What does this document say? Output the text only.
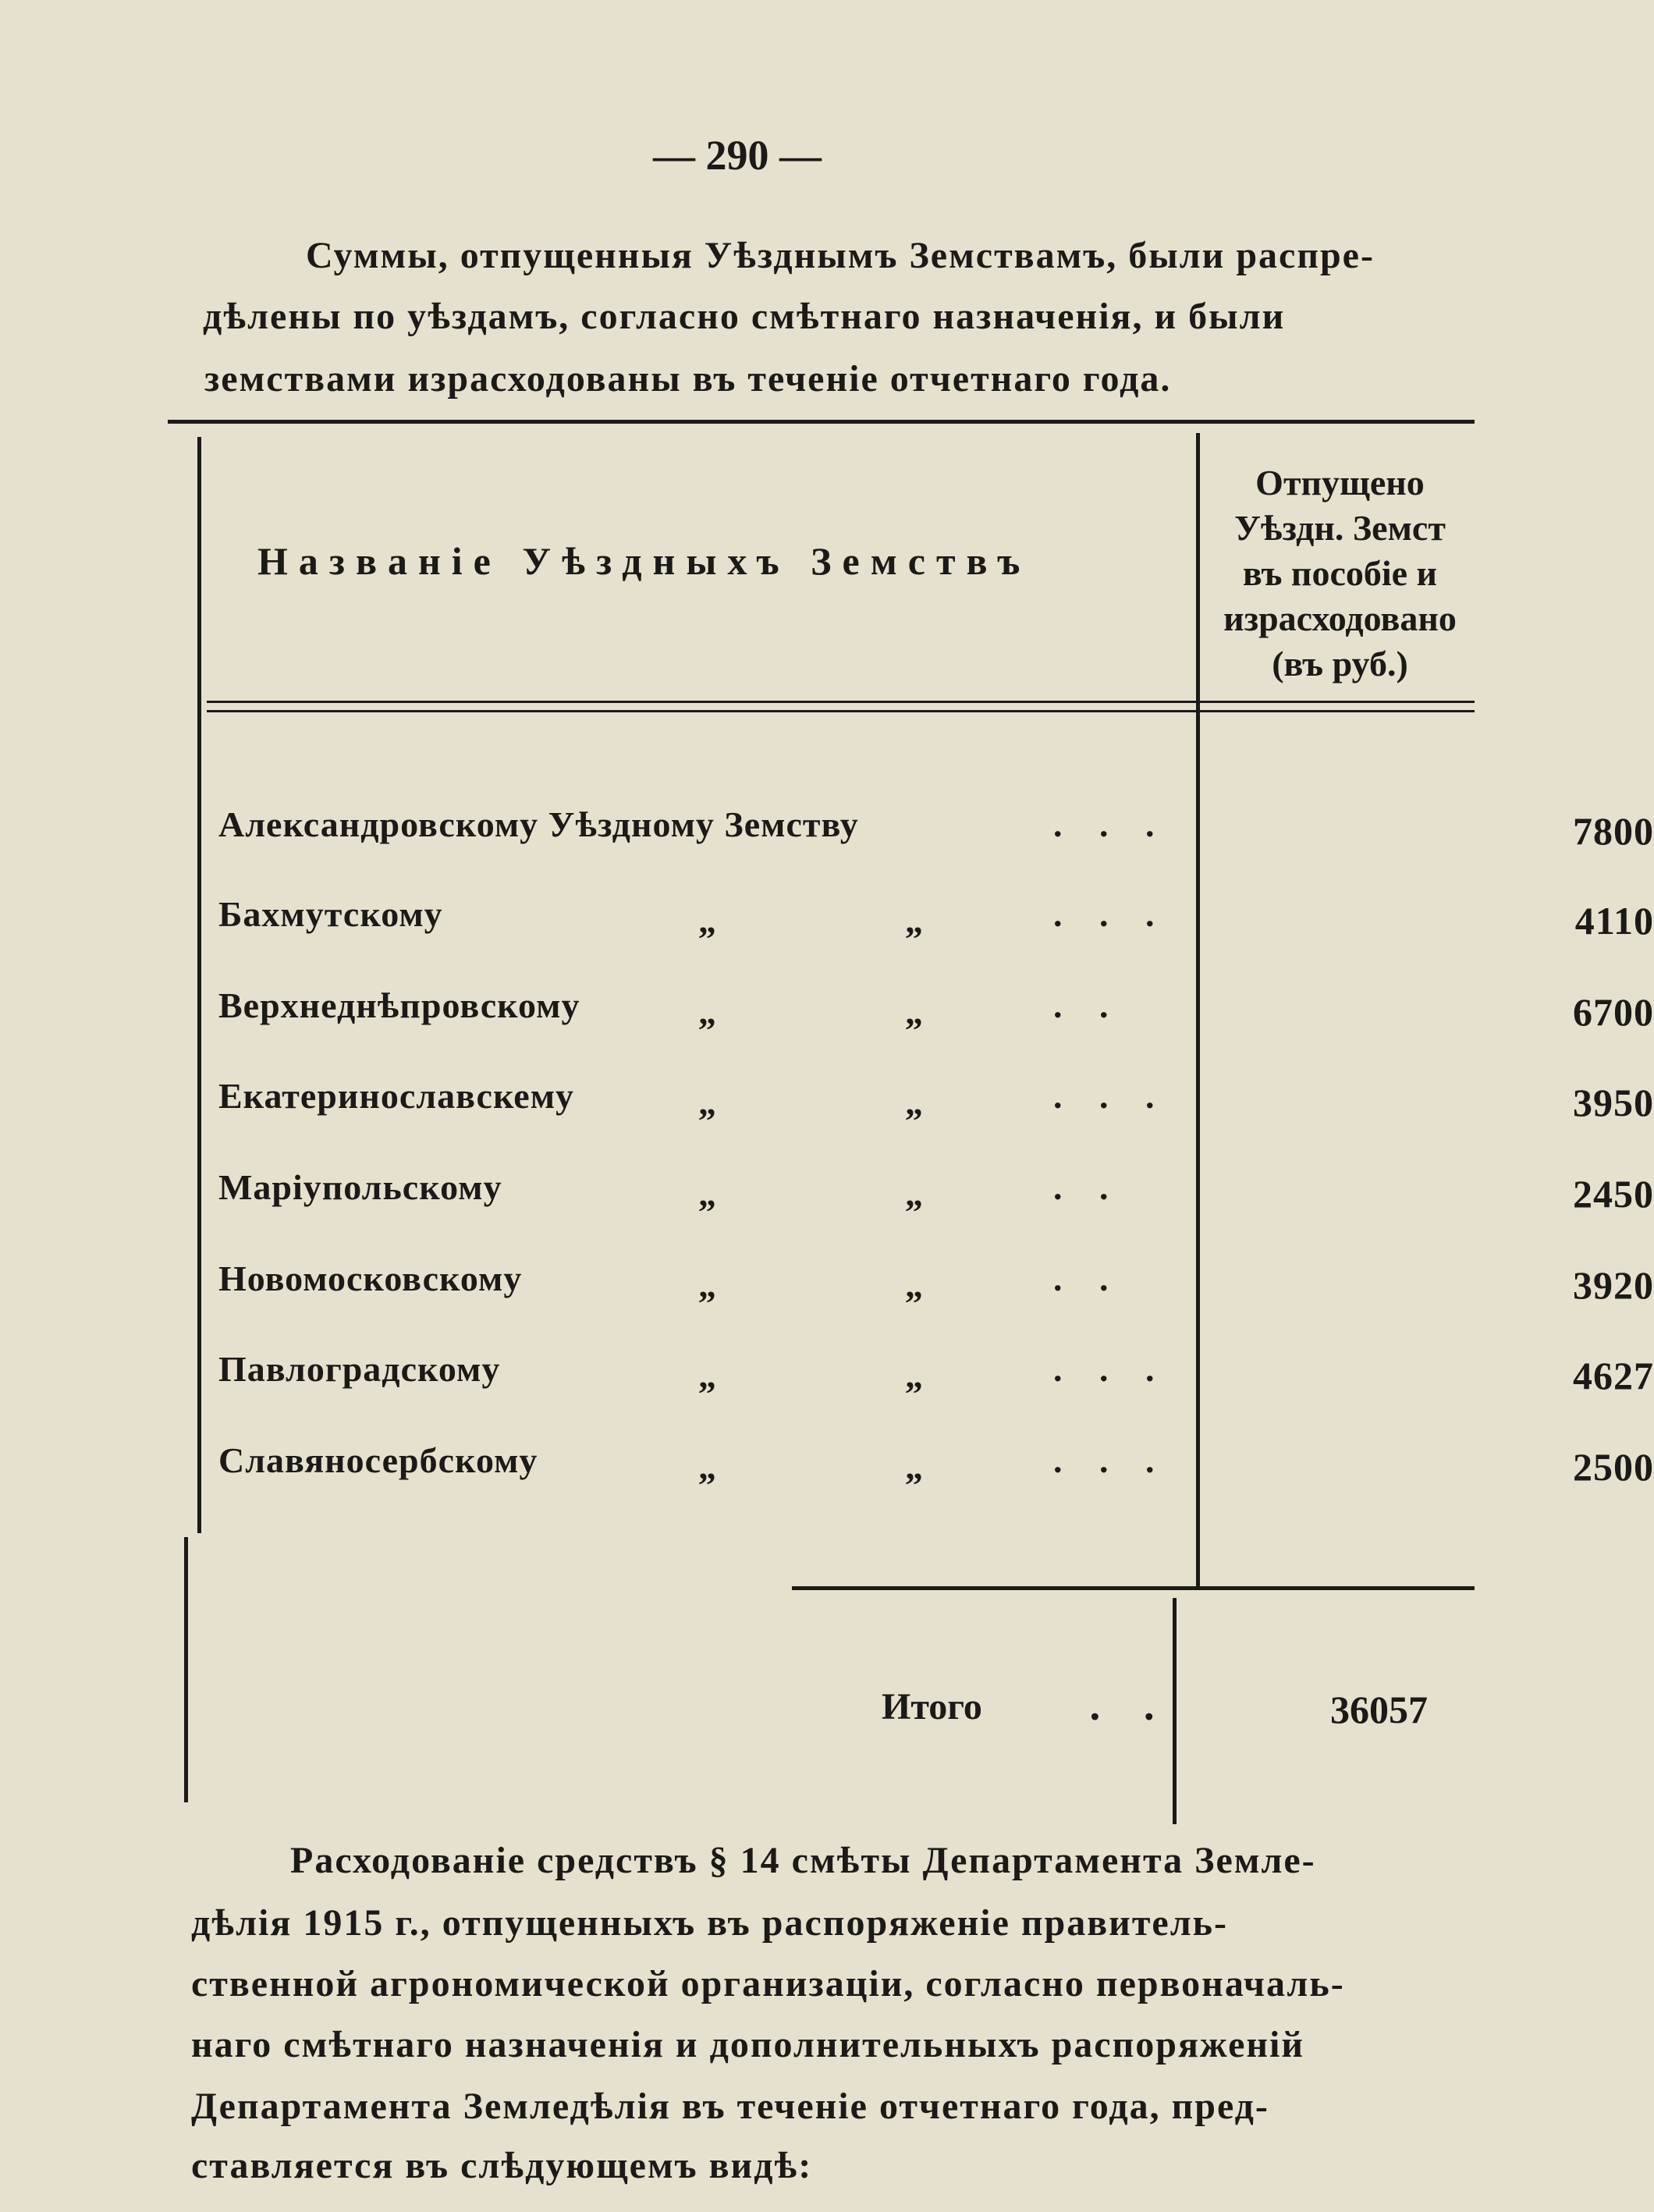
— 290 —
Суммы, отпущенныя Уѣзднымъ Земствамъ, были распре-
дѣлены по уѣздамъ, согласно смѣтнаго назначенія, и были
земствами израсходованы въ теченіе отчетнаго года.
Названіе Уѣздныхъ Земствъ
Отпущено
Уѣздн. Земст
въ пособіе и
израсходовано
(въ руб.)
Александровскому Уѣздному Земству	. . .	7800
Бахмутскому	„	„	. . .	4110
Верхнеднѣпровскому	„	„	. .	6700
Екатеринославскему	„	„	. . .	3950
Маріупольскому	„	„	. .	2450
Новомосковскому	„	„	. .	3920
Павлоградскому	„	„	. . .	4627
Славяносербскому	„	„	. . .	2500
Итого	. .	36057
Расходованіе средствъ § 14 смѣты Департамента Земле-
дѣлія 1915 г., отпущенныхъ въ распоряженіе правитель-
ственной агрономической организаціи, согласно первоначаль-
наго смѣтнаго назначенія и дополнительныхъ распоряженій
Департамента Земледѣлія въ теченіе отчетнаго года, пред-
ставляется въ слѣдующемъ видѣ:
